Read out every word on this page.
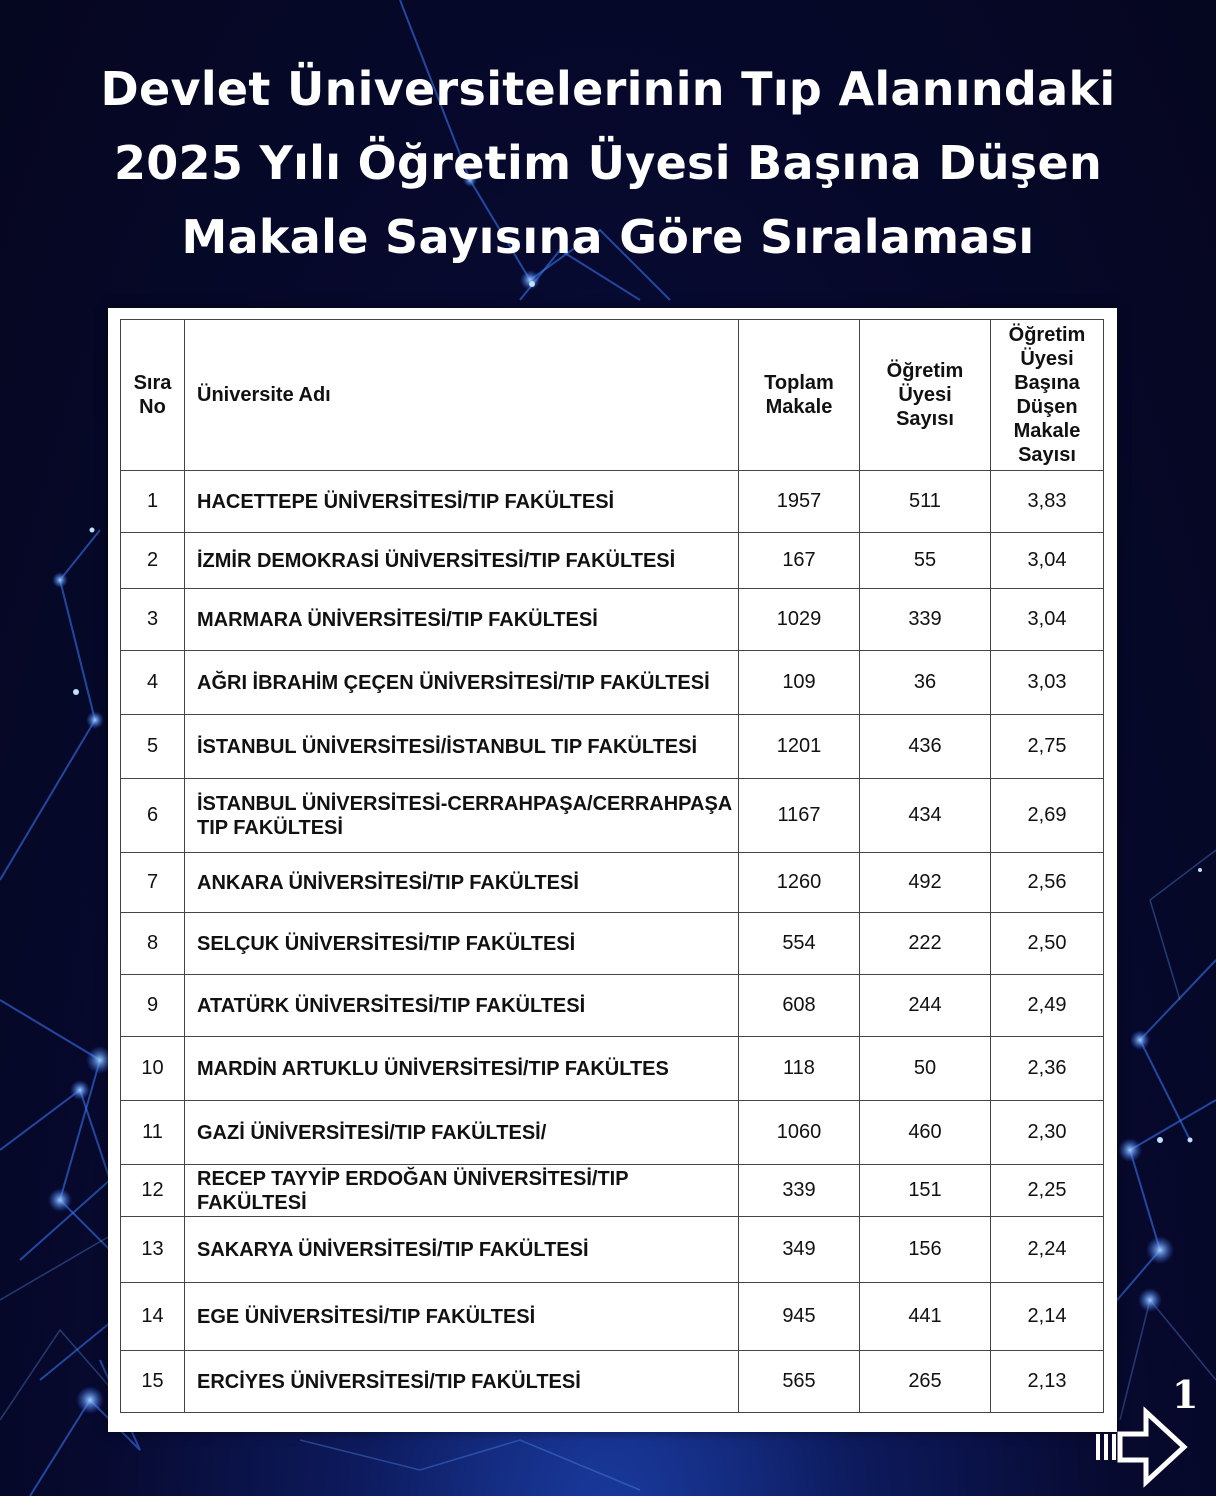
Devlet Üniversitelerinin Tıp Alanındaki
2025 Yılı Öğretim Üyesi Başına Düşen
Makale Sayısına Göre Sıralaması
Sıra No	Üniversite Adı	Toplam Makale	Öğretim Üyesi Sayısı	Öğretim Üyesi Başına Düşen Makale Sayısı
1	HACETTEPE ÜNİVERSİTESİ/TIP FAKÜLTESİ	1957	511	3,83
2	İZMİR DEMOKRASİ ÜNİVERSİTESİ/TIP FAKÜLTESİ	167	55	3,04
3	MARMARA ÜNİVERSİTESİ/TIP FAKÜLTESİ	1029	339	3,04
4	AĞRI İBRAHİM ÇEÇEN ÜNİVERSİTESİ/TIP FAKÜLTESİ	109	36	3,03
5	İSTANBUL ÜNİVERSİTESİ/İSTANBUL TIP FAKÜLTESİ	1201	436	2,75
6	İSTANBUL ÜNİVERSİTESİ-CERRAHPAŞA/CERRAHPAŞA TIP FAKÜLTESİ	1167	434	2,69
7	ANKARA ÜNİVERSİTESİ/TIP FAKÜLTESİ	1260	492	2,56
8	SELÇUK ÜNİVERSİTESİ/TIP FAKÜLTESİ	554	222	2,50
9	ATATÜRK ÜNİVERSİTESİ/TIP FAKÜLTESİ	608	244	2,49
10	MARDİN ARTUKLU ÜNİVERSİTESİ/TIP FAKÜLTES	118	50	2,36
11	GAZİ ÜNİVERSİTESİ/TIP FAKÜLTESİ/	1060	460	2,30
12	RECEP TAYYİP ERDOĞAN ÜNİVERSİTESİ/TIP FAKÜLTESİ	339	151	2,25
13	SAKARYA ÜNİVERSİTESİ/TIP FAKÜLTESİ	349	156	2,24
14	EGE ÜNİVERSİTESİ/TIP FAKÜLTESİ	945	441	2,14
15	ERCİYES ÜNİVERSİTESİ/TIP FAKÜLTESİ	565	265	2,13	1
